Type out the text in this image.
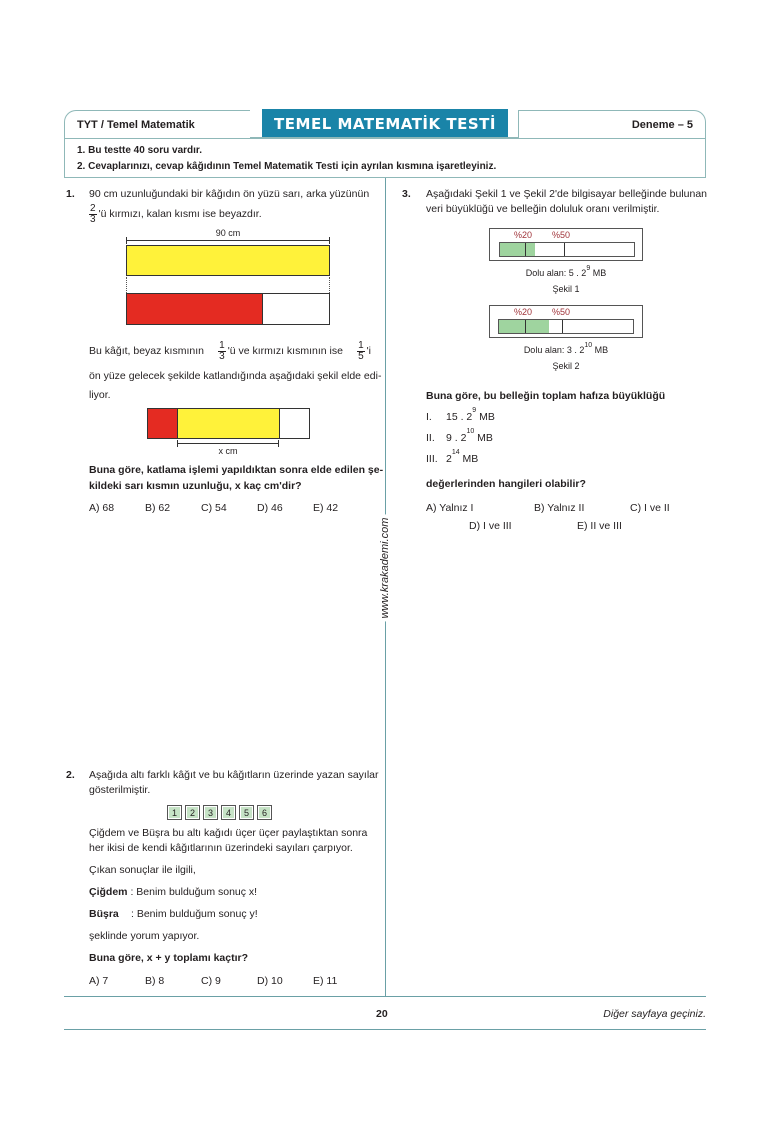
TYT / Temel Matematik	TEMEL MATEMATİK TESTİ	Deneme – 5

1. Bu testte 40 soru vardır.

2. Cevaplarınızı, cevap kâğıdının Temel Matematik Testi için ayrılan kısmına işaretleyiniz.

www.krakademi.com
1. 90 cm uzunluğundaki bir kâğıdın ön yüzü sarı, arka yüzünün
$\frac{2}{3}$ 'ü kırmızı, kalan kısmı ise beyazdır.
90 cm
Bu kâğıt, beyaz kısmının $\frac{1}{3}$ 'ü ve kırmızı kısmının ise $\frac{1}{5}$ 'i
ön yüze gelecek şekilde katlandığında aşağıdaki şekil elde edi-
liyor.
x cm
Buna göre, katlama işlemi yapıldıktan sonra elde edilen şe-
kildeki sarı kısmın uzunluğu, x kaç cm'dir?
A) 68	B) 62	C) 54	D) 46	E) 42
2. Aşağıda altı farklı kâğıt ve bu kâğıtların üzerinde yazan sayılar
gösterilmiştir.
1	2	3	4	5	6
Çiğdem ve Büşra bu altı kağıdı üçer üçer paylaştıktan sonra
her ikisi de kendi kâğıtlarının üzerindeki sayıları çarpıyor.
Çıkan sonuçlar ile ilgili,
Çiğdem : Benim bulduğum sonuç x!
Büşra : Benim bulduğum sonuç y!
şeklinde yorum yapıyor.
Buna göre, x + y toplamı kaçtır?
A) 7	B) 8	C) 9	D) 10	E) 11
3. Aşağıdaki Şekil 1 ve Şekil 2'de bilgisayar belleğinde bulunan
veri büyüklüğü ve belleğin doluluk oranı verilmiştir.
%20 %50
Dolu alan: 5 . $2^9$ MB
Şekil 1
%20 %50
Dolu alan: 3 . $2^{10}$ MB
Şekil 2
Buna göre, bu belleğin toplam hafıza büyüklüğü
I. 15 . $2^9$ MB
II. 9 . $2^{10}$ MB
III. $2^{14}$ MB
değerlerinden hangileri olabilir?
A) Yalnız I	B) Yalnız II	C) I ve II
D) I ve III	E) II ve III
20	Diğer sayfaya geçiniz.
